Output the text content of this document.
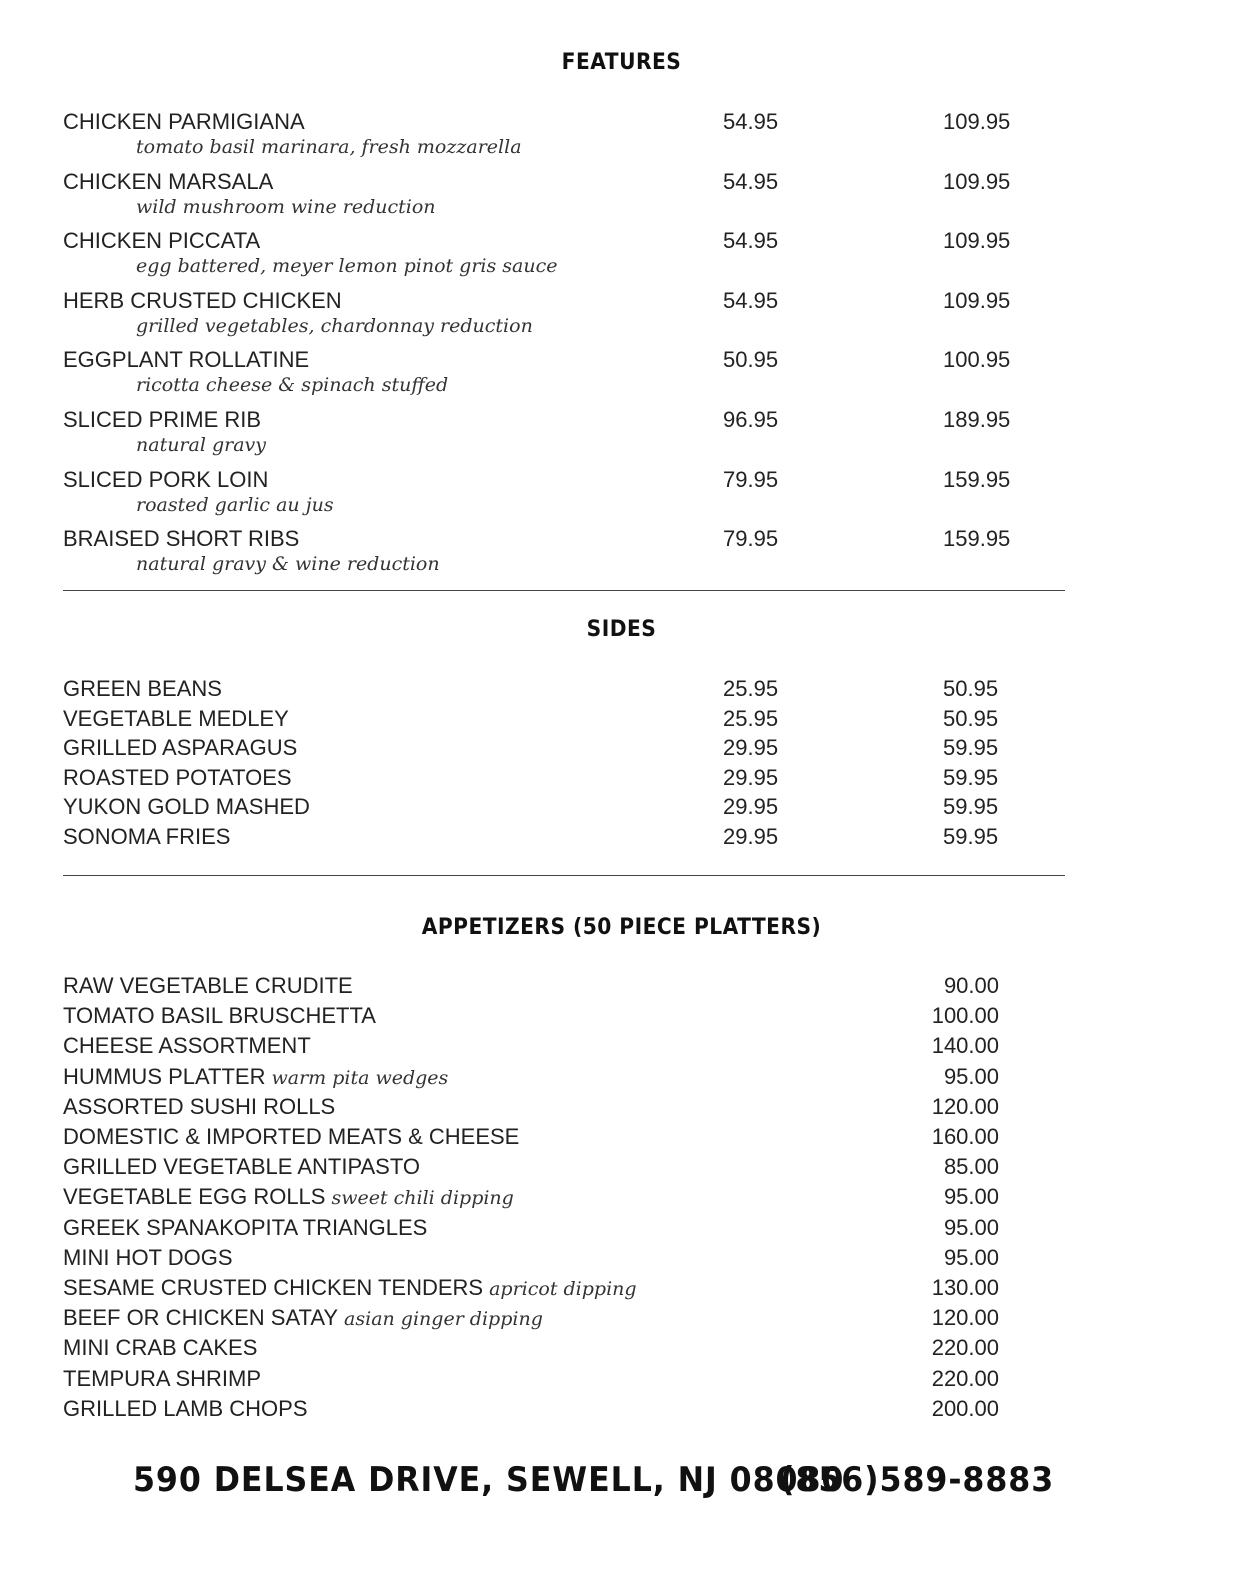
FEATURES
CHICKEN PARMIGIANA
tomato basil marinara, fresh mozzarella
54.95	109.95
CHICKEN MARSALA
wild mushroom wine reduction
54.95	109.95
CHICKEN PICCATA
egg battered, meyer lemon pinot gris sauce
54.95	109.95
HERB CRUSTED CHICKEN
grilled vegetables, chardonnay reduction
54.95	109.95
EGGPLANT ROLLATINE
ricotta cheese & spinach stuffed
50.95	100.95
SLICED PRIME RIB
natural gravy
96.95	189.95
SLICED PORK LOIN
roasted garlic au jus
79.95	159.95
BRAISED SHORT RIBS
natural gravy & wine reduction
79.95	159.95
SIDES
GREEN BEANS	25.95	50.95
VEGETABLE MEDLEY	25.95	50.95
GRILLED ASPARAGUS	29.95	59.95
ROASTED POTATOES	29.95	59.95
YUKON GOLD MASHED	29.95	59.95
SONOMA FRIES	29.95	59.95
APPETIZERS (50 PIECE PLATTERS)
RAW VEGETABLE CRUDITE	90.00
TOMATO BASIL BRUSCHETTA	100.00
CHEESE ASSORTMENT	140.00
HUMMUS PLATTER warm pita wedges	95.00
ASSORTED SUSHI ROLLS	120.00
DOMESTIC & IMPORTED MEATS & CHEESE	160.00
GRILLED VEGETABLE ANTIPASTO	85.00
VEGETABLE EGG ROLLS sweet chili dipping	95.00
GREEK SPANAKOPITA TRIANGLES	95.00
MINI HOT DOGS	95.00
SESAME CRUSTED CHICKEN TENDERS apricot dipping	130.00
BEEF OR CHICKEN SATAY asian ginger dipping	120.00
MINI CRAB CAKES	220.00
TEMPURA SHRIMP	220.00
GRILLED LAMB CHOPS	200.00
590 DELSEA DRIVE, SEWELL, NJ 08080
(856)589-8883
